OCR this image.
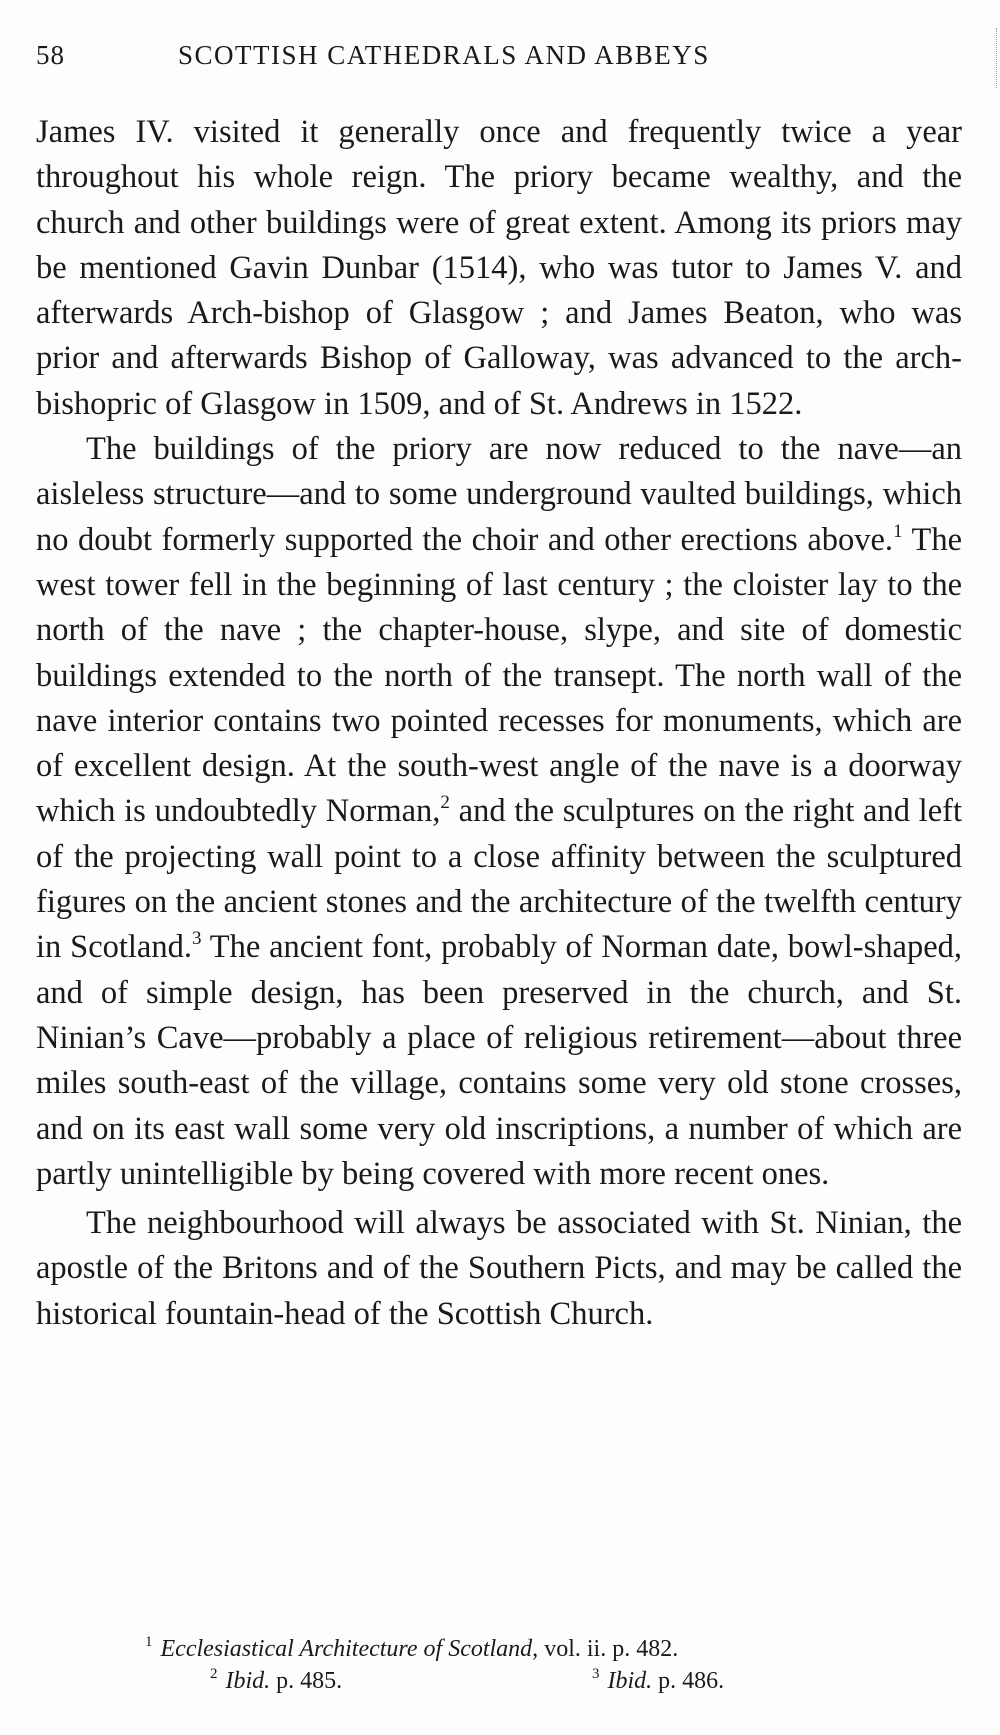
58	SCOTTISH CATHEDRALS AND ABBEYS

James IV. visited it generally once and frequently twice a year throughout his whole reign. The priory became wealthy, and the church and other buildings were of great extent. Among its priors may be mentioned Gavin Dunbar (1514), who was tutor to James V. and afterwards Arch-bishop of Glasgow ; and James Beaton, who was prior and afterwards Bishop of Galloway, was advanced to the arch-bishopric of Glasgow in 1509, and of St. Andrews in 1522.

The buildings of the priory are now reduced to the nave—an aisleless structure—and to some underground vaulted buildings, which no doubt formerly supported the choir and other erections above.$^1$ The west tower fell in the beginning of last century ; the cloister lay to the north of the nave ; the chapter-house, slype, and site of domestic buildings extended to the north of the transept. The north wall of the nave interior contains two pointed recesses for monuments, which are of excellent design. At the south-west angle of the nave is a doorway which is undoubtedly Norman,$^2$ and the sculptures on the right and left of the projecting wall point to a close affinity between the sculptured figures on the ancient stones and the architecture of the twelfth century in Scotland.$^3$ The ancient font, probably of Norman date, bowl-shaped, and of simple design, has been preserved in the church, and St. Ninian’s Cave—probably a place of religious retirement—about three miles south-east of the village, contains some very old stone crosses, and on its east wall some very old inscriptions, a number of which are partly unintelligible by being covered with more recent ones.

The neighbourhood will always be associated with St. Ninian, the apostle of the Britons and of the Southern Picts, and may be called the historical fountain-head of the Scottish Church.

$^1$ Ecclesiastical Architecture of Scotland, vol. ii. p. 482.
$^2$ Ibid. p. 485.	$^3$ Ibid. p. 486.
